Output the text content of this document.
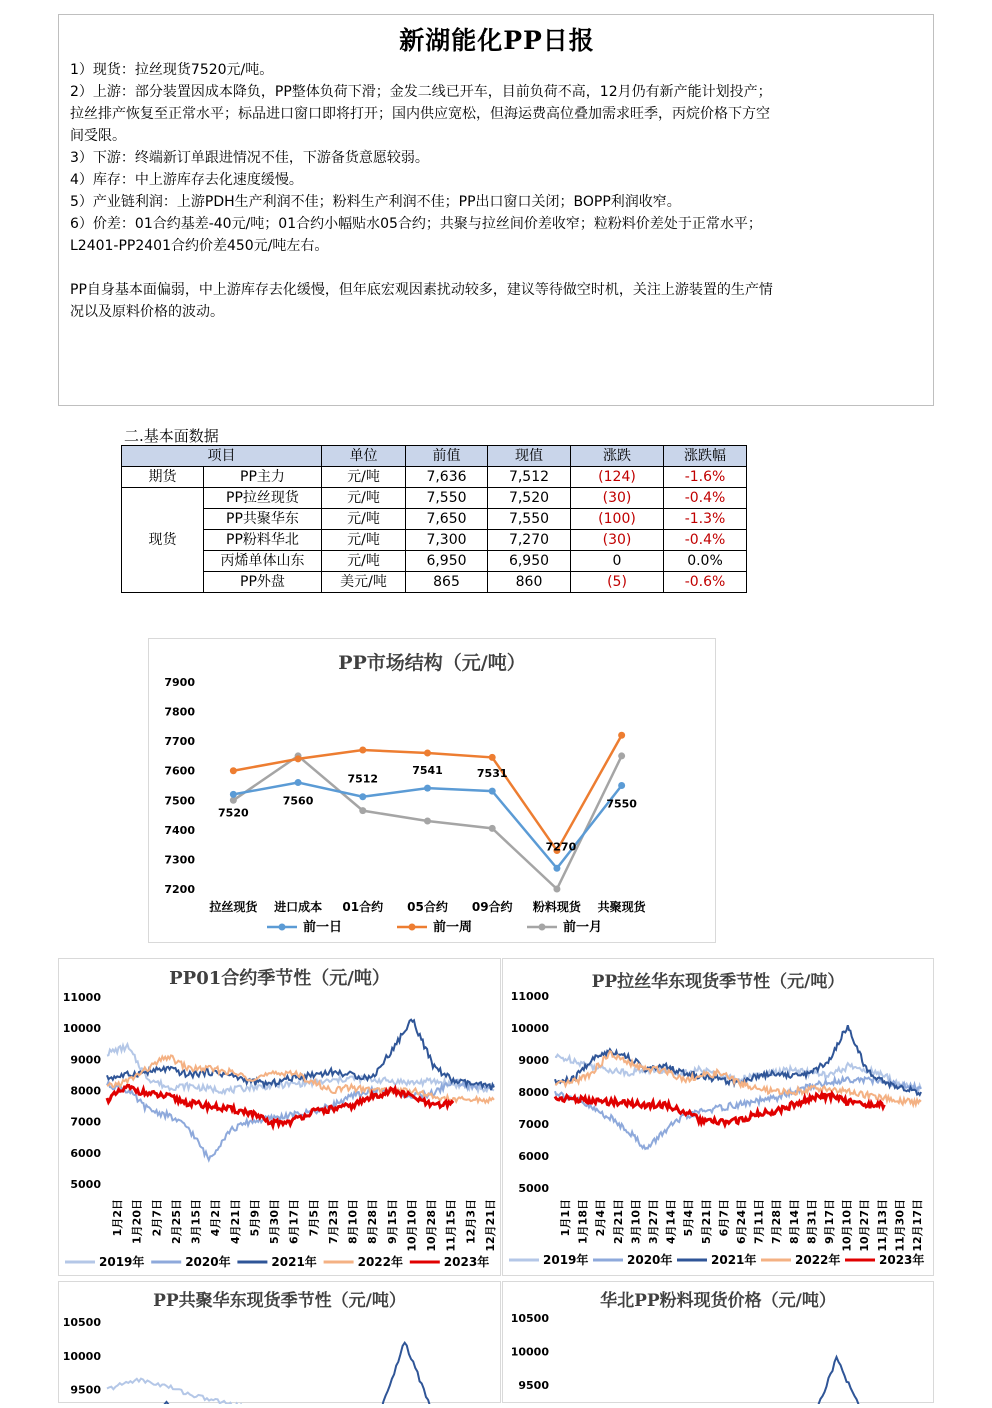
新湖能化PP日报
1）现货：拉丝现货7520元/吨。
2）上游：部分装置因成本降负，PP整体负荷下滑；金发二线已开车，目前负荷不高，12月仍有新产能计划投产；
拉丝排产恢复至正常水平；标品进口窗口即将打开；国内供应宽松，但海运费高位叠加需求旺季，丙烷价格下方空
间受限。
3）下游：终端新订单跟进情况不佳，下游备货意愿较弱。
4）库存：中上游库存去化速度缓慢。
5）产业链利润：上游PDH生产利润不佳；粉料生产利润不佳；PP出口窗口关闭；BOPP利润收窄。
6）价差：01合约基差-40元/吨；01合约小幅贴水05合约；共聚与拉丝间价差收窄；粒粉料价差处于正常水平；
L2401-PP2401合约价差450元/吨左右。
PP自身基本面偏弱，中上游库存去化缓慢，但年底宏观因素扰动较多，建议等待做空时机，关注上游装置的生产情
况以及原料价格的波动。
二.基本面数据
项目		单位	前值	现值	涨跌	涨跌幅
期货	PP主力	元/吨	7,636	7,512	(124)	-1.6%
现货	PP拉丝现货	元/吨	7,550	7,520	(30)	-0.4%
	PP共聚华东	元/吨	7,650	7,550	(100)	-1.3%
	PP粉料华北	元/吨	7,300	7,270	(30)	-0.4%
	丙烯单体山东	元/吨	6,950	6,950	0	0.0%
	PP外盘	美元/吨	865	860	(5)	-0.6%
PP市场结构（元/吨）
7200
7300
7400
7500
7600
7700
7800
7900
拉丝现货 进口成本 01合约 05合约 09合约 粉料现货 共聚现货
7520
7560
7512
7541	7531
7270
7550
前一日	前一周	前一月
PP01合约季节性（元/吨）
5000
6000
7000
8000
9000
10000
11000
1月2日 1月20日 2月7日 2月25日 3月15日 4月2日 4月21日 5月9日 5月30日 6月17日 7月5日 7月23日 8月10日 8月28日 9月15日 10月10日 10月28日 11月15日 12月3日 12月21日
2019年	2020年	2021年	2022年	2023年
PP拉丝华东现货季节性（元/吨）
5000
6000
7000
8000
9000
10000
11000
1月1日 1月18日 2月4日 2月21日 3月10日 3月27日 4月14日 5月4日 5月21日 6月7日 6月24日 7月11日 7月28日 8月14日 8月31日 9月17日 10月10日 10月27日 11月13日 11月30日 12月17日
2019年	2020年	2021年	2022年	2023年
PP共聚华东现货季节性（元/吨）
9500
10000
10500
华北PP粉料现货价格（元/吨）
9500
10000
10500
